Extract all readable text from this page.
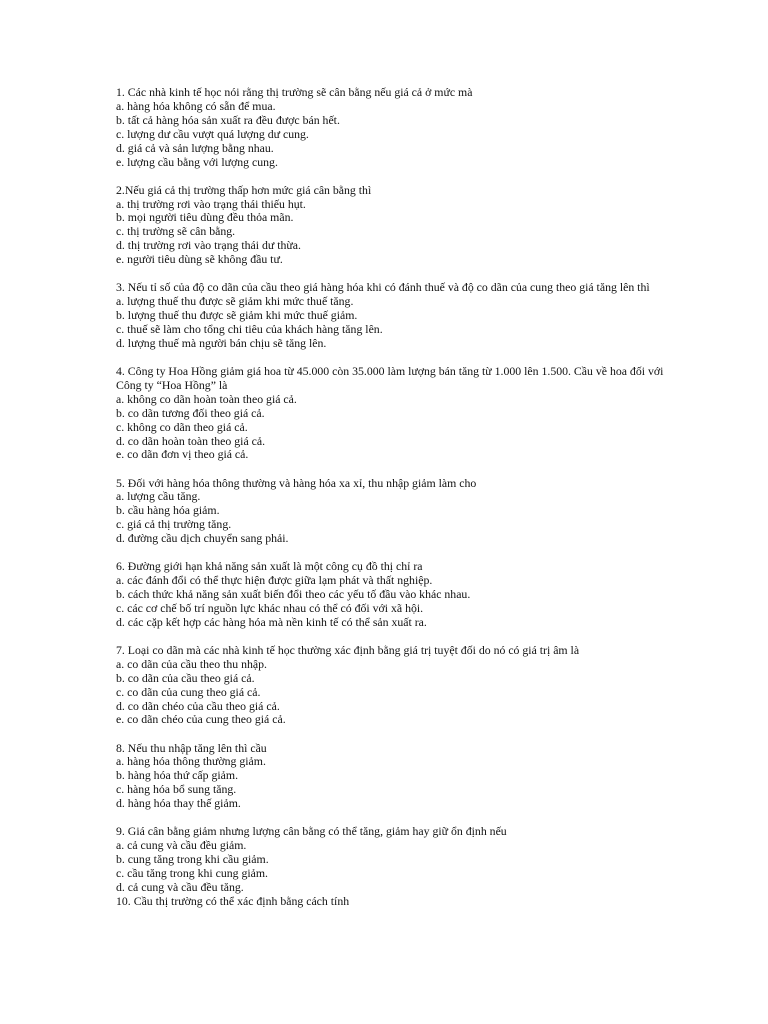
1. Các nhà kinh tế học nói rằng thị trường sẽ cân bằng nếu giá cả ở mức mà

a. hàng hóa không có sẵn để mua.

b. tất cả hàng hóa sản xuất ra đều được bán hết.

c. lượng dư cầu vượt quá lượng dư cung.

d. giá cả và sản lượng bằng nhau.

e. lượng cầu bằng với lượng cung.

2.Nếu giá cả thị trường thấp hơn mức giá cân bằng thì

a. thị trường rơi vào trạng thái thiếu hụt.

b. mọi người tiêu dùng đều thỏa mãn.

c. thị trường sẽ cân bằng.

d. thị trường rơi vào trạng thái dư thừa.

e. người tiêu dùng sẽ không đầu tư.

3. Nếu tỉ số của độ co dãn của cầu theo giá hàng hóa khi có đánh thuế và độ co dãn của cung theo giá tăng lên thì

a. lượng thuế thu được sẽ giảm khi mức thuế tăng.

b. lượng thuế thu được sẽ giảm khi mức thuế giảm.

c. thuế sẽ làm cho tổng chi tiêu của khách hàng tăng lên.

d. lượng thuế mà người bán chịu sẽ tăng lên.

4. Công ty Hoa Hồng giảm giá hoa từ 45.000 còn 35.000 làm lượng bán tăng từ 1.000 lên 1.500. Cầu về hoa đối với Công ty “Hoa Hồng” là

a. không co dãn hoàn toàn theo giá cả.

b. co dãn tương đối theo giá cả.

c. không co dãn theo giá cả.

d. co dãn hoàn toàn theo giá cả.

e. co dãn đơn vị theo giá cả.

5. Đối với hàng hóa thông thường và hàng hóa xa xỉ, thu nhập giảm làm cho

a. lượng cầu tăng.

b. cầu hàng hóa giảm.

c. giá cả thị trường tăng.

d. đường cầu dịch chuyển sang phải.

6. Đường giới hạn khả năng sản xuất là một công cụ đồ thị chỉ ra

a. các đánh đổi có thể thực hiện được giữa lạm phát và thất nghiệp.

b. cách thức khả năng sản xuất biến đổi theo các yếu tố đầu vào khác nhau.

c. các cơ chế bố trí nguồn lực khác nhau có thể có đối với xã hội.

d. các cặp kết hợp các hàng hóa mà nền kinh tế có thể sản xuất ra.

7. Loại co dãn mà các nhà kinh tế học thường xác định bằng giá trị tuyệt đối do nó có giá trị âm là

a. co dãn của cầu theo thu nhập.

b. co dãn của cầu theo giá cả.

c. co dãn của cung theo giá cả.

d. co dãn chéo của cầu theo giá cả.

e. co dãn chéo của cung theo giá cả.

8. Nếu thu nhập tăng lên thì cầu

a. hàng hóa thông thường giảm.

b. hàng hóa thứ cấp giảm.

c. hàng hóa bổ sung tăng.

d. hàng hóa thay thế giảm.

9. Giá cân bằng giảm nhưng lượng cân bằng có thể tăng, giảm hay giữ ổn định nếu

a. cả cung và cầu đều giảm.

b. cung tăng trong khi cầu giảm.

c. cầu tăng trong khi cung giảm.

d. cả cung và cầu đều tăng.

10. Cầu thị trường có thể xác định bằng cách tính
